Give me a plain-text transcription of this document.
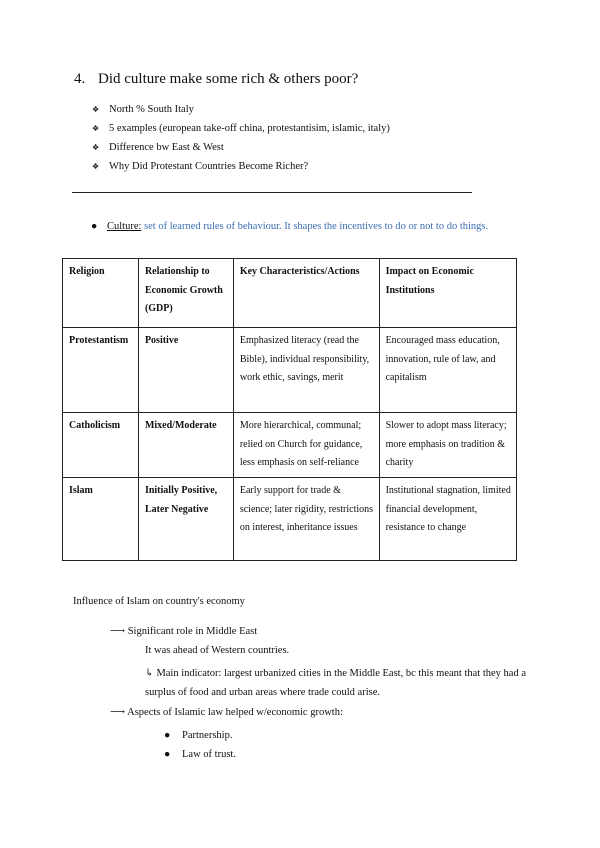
4. Did culture make some rich & others poor?
❖ North % South Italy
❖ 5 examples (european take-off china, protestantisim, islamic, italy)
❖ Difference bw East & West
❖ Why Did Protestant Countries Become Richer?
● Culture: set of learned rules of behaviour. It shapes the incentives to do or not to do things.
Religion	Relationship to Economic Growth (GDP)	Key Characteristics/Actions	Impact on Economic Institutions
Protestantism	Positive	Emphasized literacy (read the Bible), individual responsibility, work ethic, savings, merit	Encouraged mass education, innovation, rule of law, and capitalism
Catholicism	Mixed/Moderate	More hierarchical, communal; relied on Church for guidance, less emphasis on self-reliance	Slower to adopt mass literacy; more emphasis on tradition & charity
Islam	Initially Positive, Later Negative	Early support for trade & science; later rigidity, restrictions on interest, inheritance issues	Institutional stagnation, limited financial development, resistance to change
Influence of Islam on country's economy
⟶ Significant role in Middle East
It was ahead of Western countries.
↳ Main indicator: largest urbanized cities in the Middle East, bc this meant that they had a surplus of food and urban areas where trade could arise.
⟶ Aspects of Islamic law helped w/economic growth:
● Partnership.
● Law of trust.
